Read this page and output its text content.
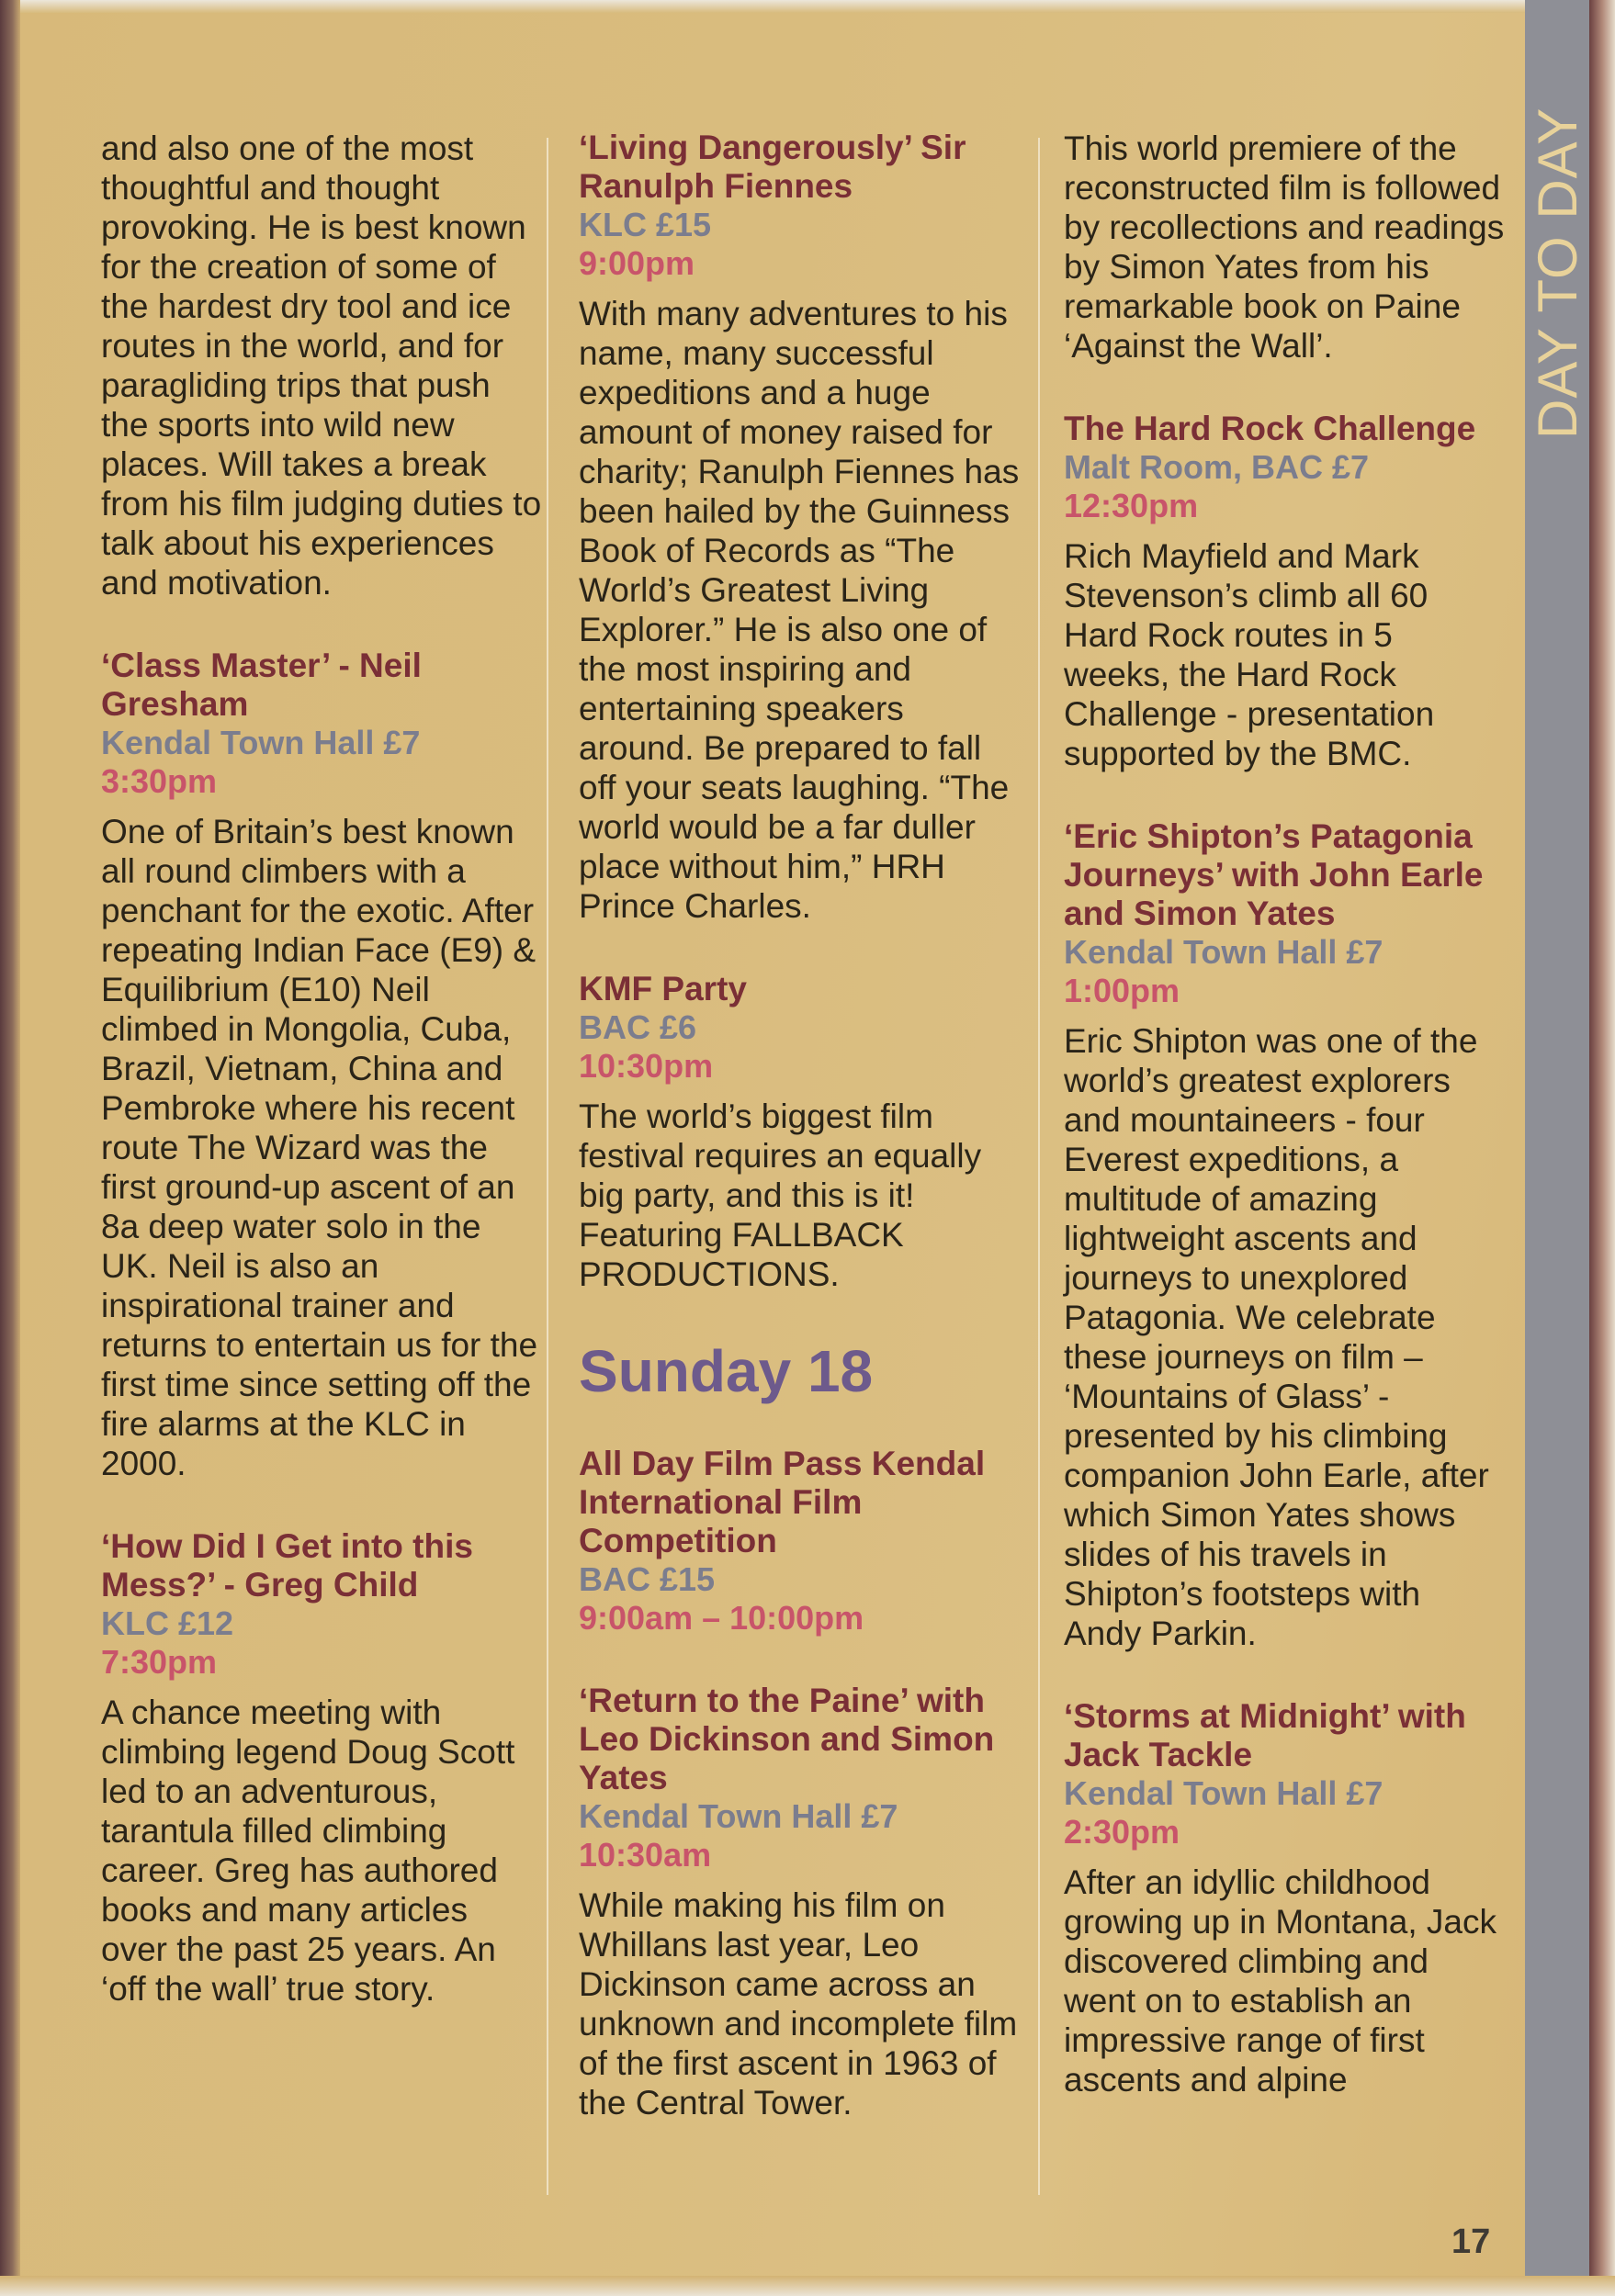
and also one of the most thoughtful and thought provoking. He is best known for the creation of some of the hardest dry tool and ice routes in the world, and for paragliding trips that push the sports into wild new places. Will takes a break from his film judging duties to talk about his experiences and motivation.
‘Class Master’ - Neil Gresham
Kendal Town Hall £7
3:30pm
One of Britain’s best known all round climbers with a penchant for the exotic. After repeating Indian Face (E9) & Equilibrium (E10) Neil climbed in Mongolia, Cuba, Brazil, Vietnam, China and Pembroke where his recent route The Wizard was the first ground-up ascent of an 8a deep water solo in the UK. Neil is also an inspirational trainer and returns to entertain us for the first time since setting off the fire alarms at the KLC in 2000.
‘How Did I Get into this Mess?’ - Greg Child
KLC £12
7:30pm
A chance meeting with climbing legend Doug Scott led to an adventurous, tarantula filled climbing career. Greg has authored books and many articles over the past 25 years. An ‘off the wall’ true story.
‘Living Dangerously’ Sir Ranulph Fiennes
KLC £15
9:00pm
With many adventures to his name, many successful expeditions and a huge amount of money raised for charity; Ranulph Fiennes has been hailed by the Guinness Book of Records as “The World’s Greatest Living Explorer.” He is also one of the most inspiring and entertaining speakers around. Be prepared to fall off your seats laughing. “The world would be a far duller place without him,” HRH Prince Charles.
KMF Party
BAC £6
10:30pm
The world’s biggest film festival requires an equally big party, and this is it! Featuring FALLBACK PRODUCTIONS.
Sunday 18
All Day Film Pass Kendal International Film Competition
BAC £15
9:00am – 10:00pm
‘Return to the Paine’ with Leo Dickinson and Simon Yates
Kendal Town Hall £7
10:30am
While making his film on Whillans last year, Leo Dickinson came across an unknown and incomplete film of the first ascent in 1963 of the Central Tower.
This world premiere of the reconstructed film is followed by recollections and readings by Simon Yates from his remarkable book on Paine ‘Against the Wall’.
The Hard Rock Challenge
Malt Room, BAC £7
12:30pm
Rich Mayfield and Mark Stevenson’s climb all 60 Hard Rock routes in 5 weeks, the Hard Rock Challenge - presentation supported by the BMC.
‘Eric Shipton’s Patagonia Journeys’ with John Earle and Simon Yates
Kendal Town Hall £7
1:00pm
Eric Shipton was one of the world’s greatest explorers and mountaineers - four Everest expeditions, a multitude of amazing lightweight ascents and journeys to unexplored Patagonia. We celebrate these journeys on film – ‘Mountains of Glass’ - presented by his climbing companion John Earle, after which Simon Yates shows slides of his travels in Shipton’s footsteps with Andy Parkin.
‘Storms at Midnight’ with Jack Tackle
Kendal Town Hall £7
2:30pm
After an idyllic childhood growing up in Montana, Jack discovered climbing and went on to establish an impressive range of first ascents and alpine
DAY TO DAY
17
